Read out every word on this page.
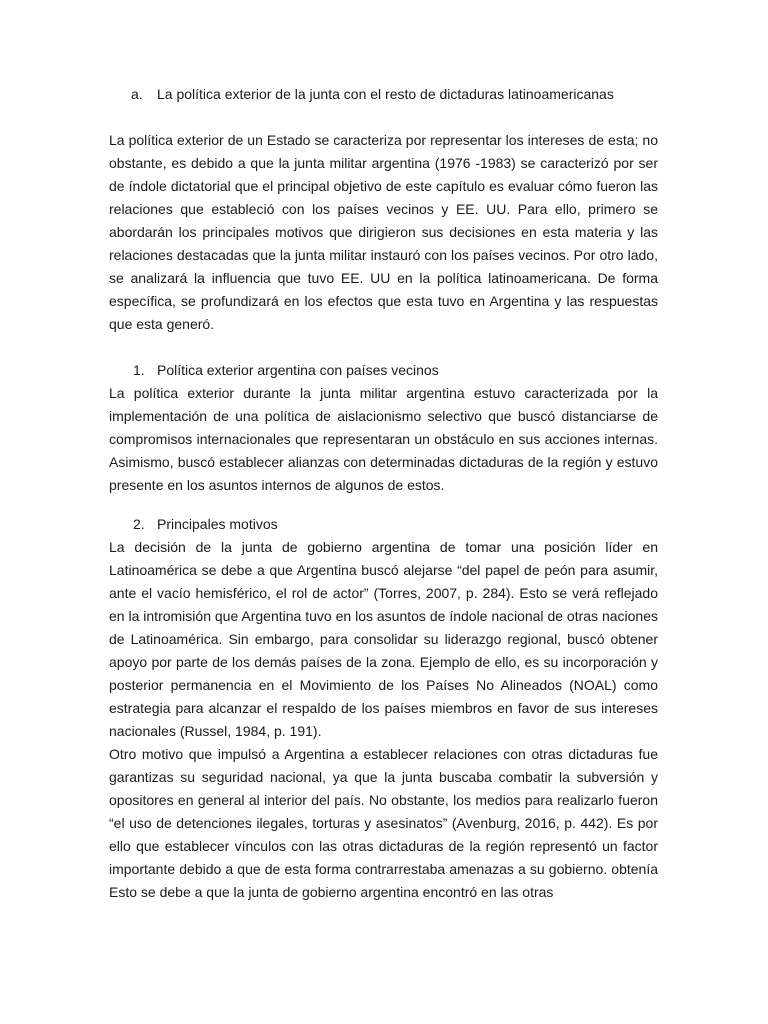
a. La política exterior de la junta con el resto de dictaduras latinoamericanas

La política exterior de un Estado se caracteriza por representar los intereses de esta; no obstante, es debido a que la junta militar argentina (1976 -1983) se caracterizó por ser de índole dictatorial que el principal objetivo de este capítulo es evaluar cómo fueron las relaciones que estableció con los países vecinos y EE. UU. Para ello, primero se abordarán los principales motivos que dirigieron sus decisiones en esta materia y las relaciones destacadas que la junta militar instauró con los países vecinos. Por otro lado, se analizará la influencia que tuvo EE. UU en la política latinoamericana. De forma específica, se profundizará en los efectos que esta tuvo en Argentina y las respuestas que esta generó.

1. Política exterior argentina con países vecinos

La política exterior durante la junta militar argentina estuvo caracterizada por la implementación de una política de aislacionismo selectivo que buscó distanciarse de compromisos internacionales que representaran un obstáculo en sus acciones internas. Asimismo, buscó establecer alianzas con determinadas dictaduras de la región y estuvo presente en los asuntos internos de algunos de estos.

2. Principales motivos

La decisión de la junta de gobierno argentina de tomar una posición líder en Latinoamérica se debe a que Argentina buscó alejarse “del papel de peón para asumir, ante el vacío hemisférico, el rol de actor” (Torres, 2007, p. 284). Esto se verá reflejado en la intromisión que Argentina tuvo en los asuntos de índole nacional de otras naciones de Latinoamérica. Sin embargo, para consolidar su liderazgo regional, buscó obtener apoyo por parte de los demás países de la zona. Ejemplo de ello, es su incorporación y posterior permanencia en el Movimiento de los Países No Alineados (NOAL) como estrategia para alcanzar el respaldo de los países miembros en favor de sus intereses nacionales (Russel, 1984, p. 191).

Otro motivo que impulsó a Argentina a establecer relaciones con otras dictaduras fue garantizas su seguridad nacional, ya que la junta buscaba combatir la subversión y opositores en general al interior del país. No obstante, los medios para realizarlo fueron “el uso de detenciones ilegales, torturas y asesinatos” (Avenburg, 2016, p. 442). Es por ello que establecer vínculos con las otras dictaduras de la región representó un factor importante debido a que de esta forma contrarrestaba amenazas a su gobierno. obtenía Esto se debe a que la junta de gobierno argentina encontró en las otras
